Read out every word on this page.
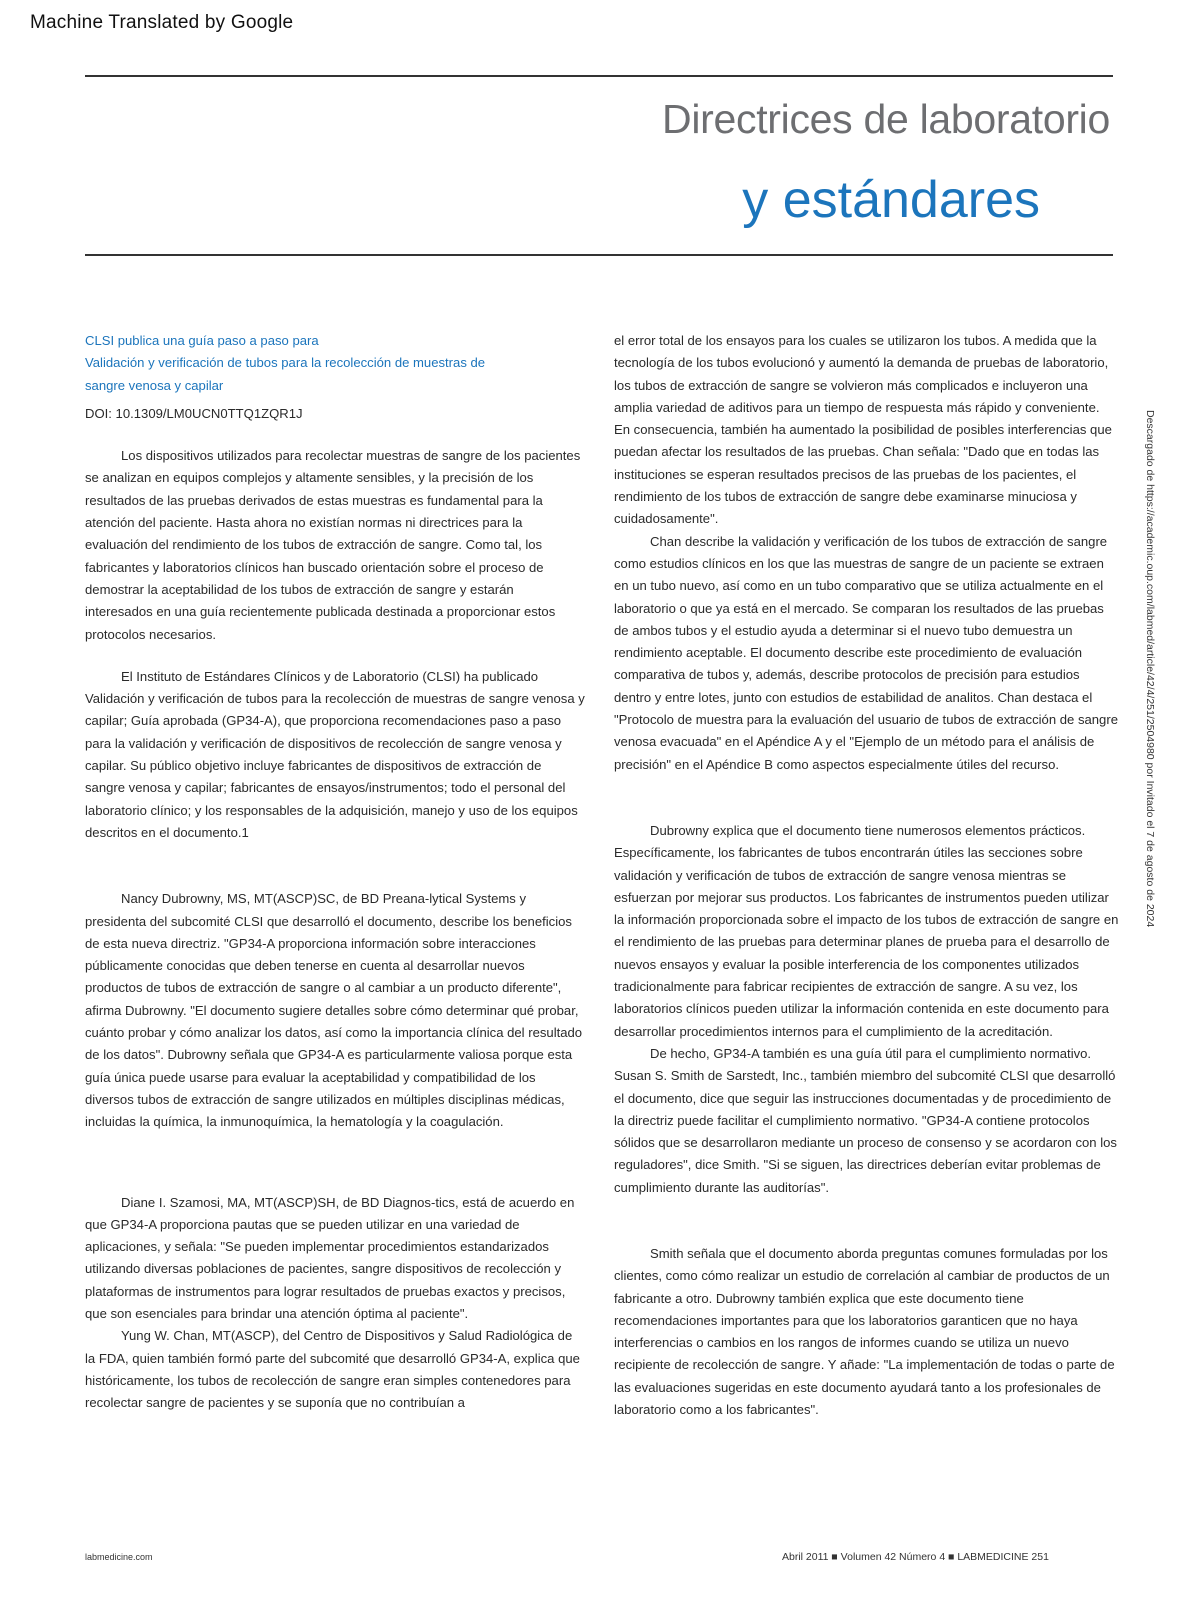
Machine Translated by Google
Directrices de laboratorio
y estándares
CLSI publica una guía paso a paso para
Validación y verificación de tubos para la recolección de muestras de
sangre venosa y capilar
DOI: 10.1309/LM0UCN0TTQ1ZQR1J

Los dispositivos utilizados para recolectar muestras de sangre de los pacientes se analizan en equipos complejos y altamente sensibles, y la precisión de los resultados de las pruebas derivados de estas muestras es fundamental para la atención del paciente. Hasta ahora no existían normas ni directrices para la evaluación del rendimiento de los tubos de extracción de sangre. Como tal, los fabricantes y laboratorios clínicos han buscado orientación sobre el proceso de demostrar la aceptabilidad de los tubos de extracción de sangre y estarán interesados en una guía recientemente publicada destinada a proporcionar estos protocolos necesarios.

El Instituto de Estándares Clínicos y de Laboratorio (CLSI) ha publicado Validación y verificación de tubos para la recolección de muestras de sangre venosa y capilar; Guía aprobada (GP34-A), que proporciona recomendaciones paso a paso para la validación y verificación de dispositivos de recolección de sangre venosa y capilar. Su público objetivo incluye fabricantes de dispositivos de extracción de sangre venosa y capilar; fabricantes de ensayos/instrumentos; todo el personal del laboratorio clínico; y los responsables de la adquisición, manejo y uso de los equipos descritos en el documento.1

Nancy Dubrowny, MS, MT(ASCP)SC, de BD Preana-lytical Systems y presidenta del subcomité CLSI que desarrolló el documento, describe los beneficios de esta nueva directriz. "GP34-A proporciona información sobre interacciones públicamente conocidas que deben tenerse en cuenta al desarrollar nuevos productos de tubos de extracción de sangre o al cambiar a un producto diferente", afirma Dubrowny. "El documento sugiere detalles sobre cómo determinar qué probar, cuánto probar y cómo analizar los datos, así como la importancia clínica del resultado de los datos". Dubrowny señala que GP34-A es particularmente valiosa porque esta guía única puede usarse para evaluar la aceptabilidad y compatibilidad de los diversos tubos de extracción de sangre utilizados en múltiples disciplinas médicas, incluidas la química, la inmunoquímica, la hematología y la coagulación.

Diane I. Szamosi, MA, MT(ASCP)SH, de BD Diagnos-tics, está de acuerdo en que GP34-A proporciona pautas que se pueden utilizar en una variedad de aplicaciones, y señala: "Se pueden implementar procedimientos estandarizados utilizando diversas poblaciones de pacientes, sangre dispositivos de recolección y plataformas de instrumentos para lograr resultados de pruebas exactos y precisos, que son esenciales para brindar una atención óptima al paciente".

Yung W. Chan, MT(ASCP), del Centro de Dispositivos y Salud Radiológica de la FDA, quien también formó parte del subcomité que desarrolló GP34-A, explica que históricamente, los tubos de recolección de sangre eran simples contenedores para recolectar sangre de pacientes y se suponía que no contribuían a

el error total de los ensayos para los cuales se utilizaron los tubos. A medida que la tecnología de los tubos evolucionó y aumentó la demanda de pruebas de laboratorio, los tubos de extracción de sangre se volvieron más complicados e incluyeron una amplia variedad de aditivos para un tiempo de respuesta más rápido y conveniente. En consecuencia, también ha aumentado la posibilidad de posibles interferencias que puedan afectar los resultados de las pruebas. Chan señala: "Dado que en todas las instituciones se esperan resultados precisos de las pruebas de los pacientes, el rendimiento de los tubos de extracción de sangre debe examinarse minuciosa y cuidadosamente".

Chan describe la validación y verificación de los tubos de extracción de sangre como estudios clínicos en los que las muestras de sangre de un paciente se extraen en un tubo nuevo, así como en un tubo comparativo que se utiliza actualmente en el laboratorio o que ya está en el mercado. Se comparan los resultados de las pruebas de ambos tubos y el estudio ayuda a determinar si el nuevo tubo demuestra un rendimiento aceptable. El documento describe este procedimiento de evaluación comparativa de tubos y, además, describe protocolos de precisión para estudios dentro y entre lotes, junto con estudios de estabilidad de analitos. Chan destaca el "Protocolo de muestra para la evaluación del usuario de tubos de extracción de sangre venosa evacuada" en el Apéndice A y el "Ejemplo de un método para el análisis de precisión" en el Apéndice B como aspectos especialmente útiles del recurso.

Dubrowny explica que el documento tiene numerosos elementos prácticos. Específicamente, los fabricantes de tubos encontrarán útiles las secciones sobre validación y verificación de tubos de extracción de sangre venosa mientras se esfuerzan por mejorar sus productos. Los fabricantes de instrumentos pueden utilizar la información proporcionada sobre el impacto de los tubos de extracción de sangre en el rendimiento de las pruebas para determinar planes de prueba para el desarrollo de nuevos ensayos y evaluar la posible interferencia de los componentes utilizados tradicionalmente para fabricar recipientes de extracción de sangre. A su vez, los laboratorios clínicos pueden utilizar la información contenida en este documento para desarrollar procedimientos internos para el cumplimiento de la acreditación.

De hecho, GP34-A también es una guía útil para el cumplimiento normativo. Susan S. Smith de Sarstedt, Inc., también miembro del subcomité CLSI que desarrolló el documento, dice que seguir las instrucciones documentadas y de procedimiento de la directriz puede facilitar el cumplimiento normativo. "GP34-A contiene protocolos sólidos que se desarrollaron mediante un proceso de consenso y se acordaron con los reguladores", dice Smith. "Si se siguen, las directrices deberían evitar problemas de cumplimiento durante las auditorías".

Smith señala que el documento aborda preguntas comunes formuladas por los clientes, como cómo realizar un estudio de correlación al cambiar de productos de un fabricante a otro. Dubrowny también explica que este documento tiene recomendaciones importantes para que los laboratorios garanticen que no haya interferencias o cambios en los rangos de informes cuando se utiliza un nuevo recipiente de recolección de sangre. Y añade: "La implementación de todas o parte de las evaluaciones sugeridas en este documento ayudará tanto a los profesionales de laboratorio como a los fabricantes".

Descargado de https://academic.oup.com/labmed/article/42/4/251/2504980 por Invitado el 7 de agosto de 2024
labmedicine.com	Abril 2011 ■ Volumen 42 Número 4 ■ LABMEDICINE 251
